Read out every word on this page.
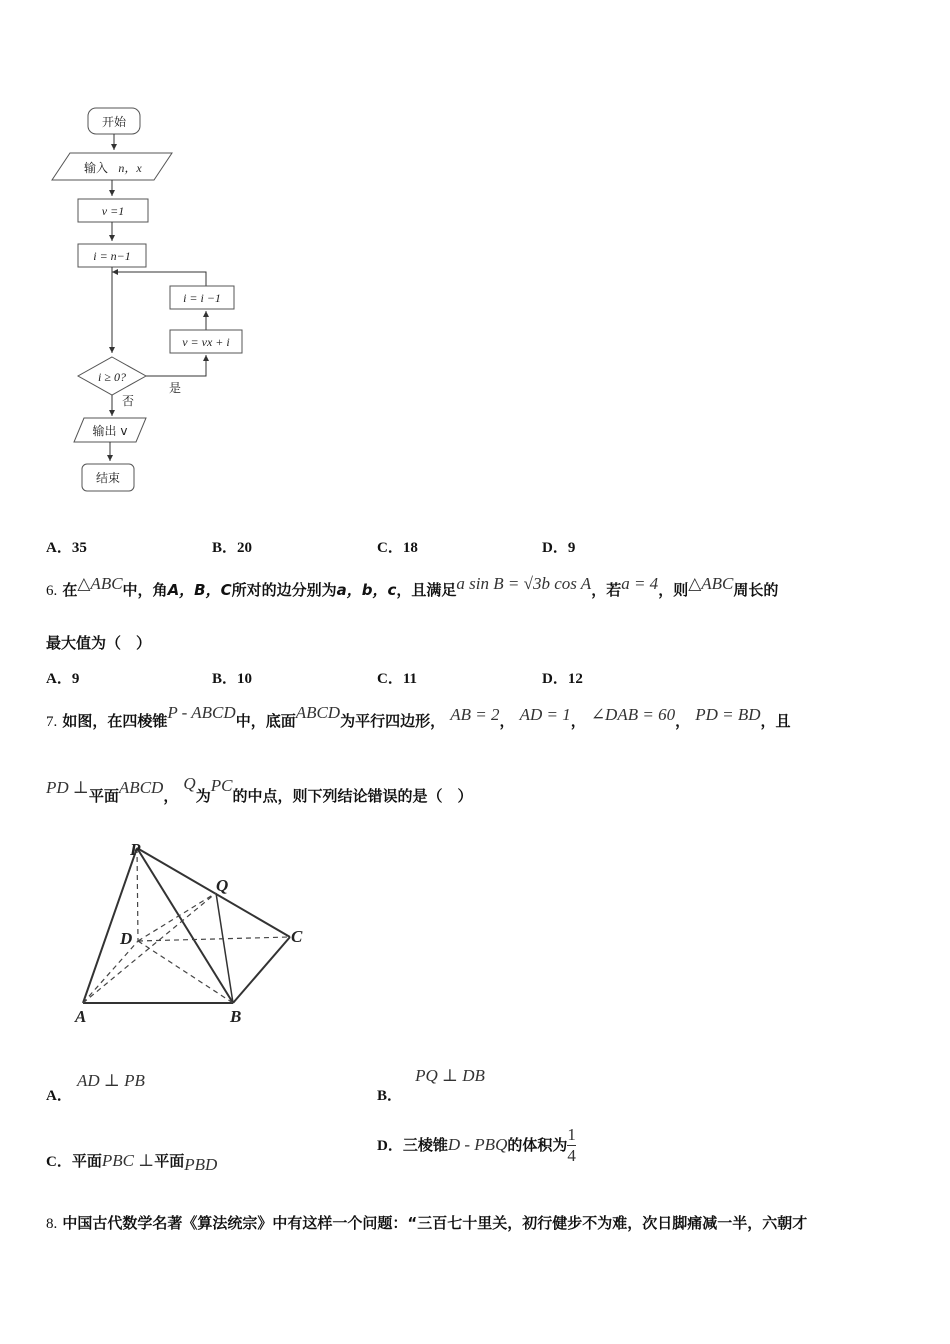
开始
输入 n，x
v =1
i = n−1
i = i −1
v = vx + i
i ≥ 0?
是
否
输出 v
结束
A．35	B．20	C．18	D．9
6. 在△ABC中，角A，B，C所对的边分别为a，b，c，且满足a sin B = √3b cos A，若a = 4，则△ABC周长的
最大值为（　）
A．9	B．10	C．11	D．12
7. 如图，在四棱锥P - ABCD中，底面ABCD为平行四边形， AB = 2， AD = 1， ∠DAB = 60， PD = BD，且
PD ⊥平面ABCD， Q为PC的中点，则下列结论错误的是（　）
P
Q
D	C
A	B
A． AD ⊥ PB
B． PQ ⊥ DB
C．平面PBC ⊥平面PBD
D．三棱锥D - PBQ的体积为 $\frac{1}{4}$
8. 中国古代数学名著《算法统宗》中有这样一个问题：“三百七十里关，初行健步不为难，次日脚痛减一半，六朝才
